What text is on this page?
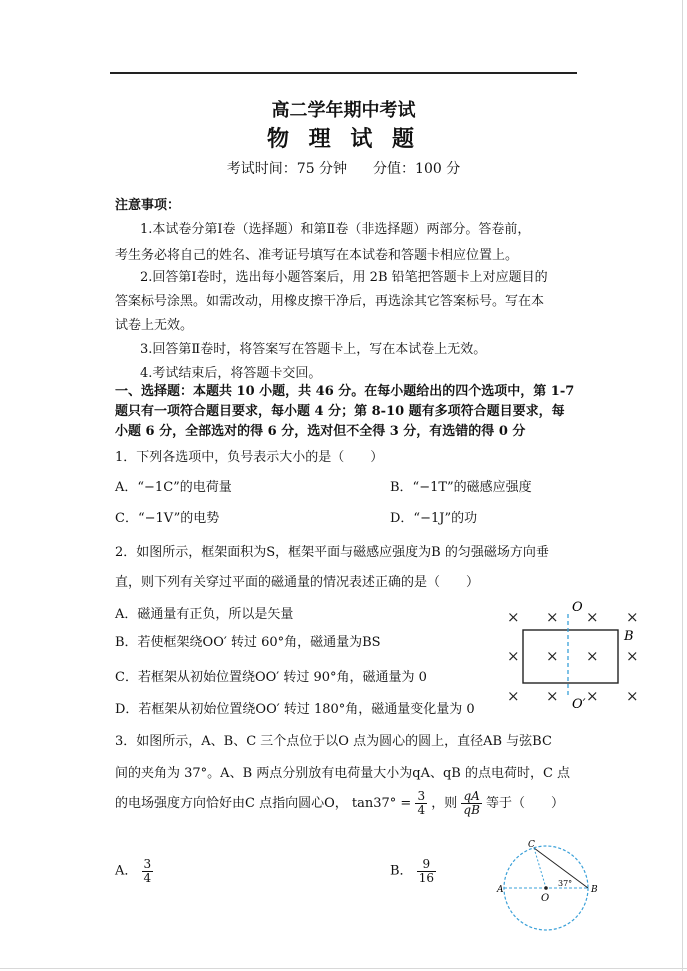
高二学年期中考试
物 理 试 题
考试时间：75 分钟 分值：100 分
注意事项：
1.本试卷分第Ⅰ卷（选择题）和第Ⅱ卷（非选择题）两部分。答卷前，
考生务必将自己的姓名、准考证号填写在本试卷和答题卡相应位置上。
2.回答第Ⅰ卷时，选出每小题答案后，用 2B 铅笔把答题卡上对应题目的
答案标号涂黑。如需改动，用橡皮擦干净后，再选涂其它答案标号。写在本
试卷上无效。
3.回答第Ⅱ卷时，将答案写在答题卡上，写在本试卷上无效。
4.考试结束后，将答题卡交回。
一、选择题：本题共 10 小题，共 46 分。在每小题给出的四个选项中，第 1-7
题只有一项符合题目要求，每小题 4 分；第 8-10 题有多项符合题目要求，每
小题 6 分，全部选对的得 6 分，选对但不全得 3 分，有选错的得 0 分
1．下列各选项中，负号表示大小的是（　　）
A．“−1C”的电荷量	B．“−1T”的磁感应强度
C．“−1V”的电势	D．“−1J”的功
2．如图所示，框架面积为S，框架平面与磁感应强度为B 的匀强磁场方向垂
直，则下列有关穿过平面的磁通量的情况表述正确的是（　　）
A．磁通量有正负，所以是矢量
B．若使框架绕OO′ 转过 60°角，磁通量为BS
C．若框架从初始位置绕OO′ 转过 90°角，磁通量为 0
D．若框架从初始位置绕OO′ 转过 180°角，磁通量变化量为 0
O
O′
B
× × × ×
× × × ×
× × × ×
3．如图所示，A、B、C 三个点位于以O 点为圆心的圆上，直径AB 与弦BC
间的夹角为 37°。A、B 两点分别放有电荷量大小为qA、qB 的点电荷时，C 点
的电场强度方向恰好由C 点指向圆心O， $\tan 37^\circ = \frac{3}{4}$ ，则 $\frac{qA}{qB}$ 等于（　　）
A． $\frac{3}{4}$	B． $\frac{9}{16}$
A	B
C
O
37°
